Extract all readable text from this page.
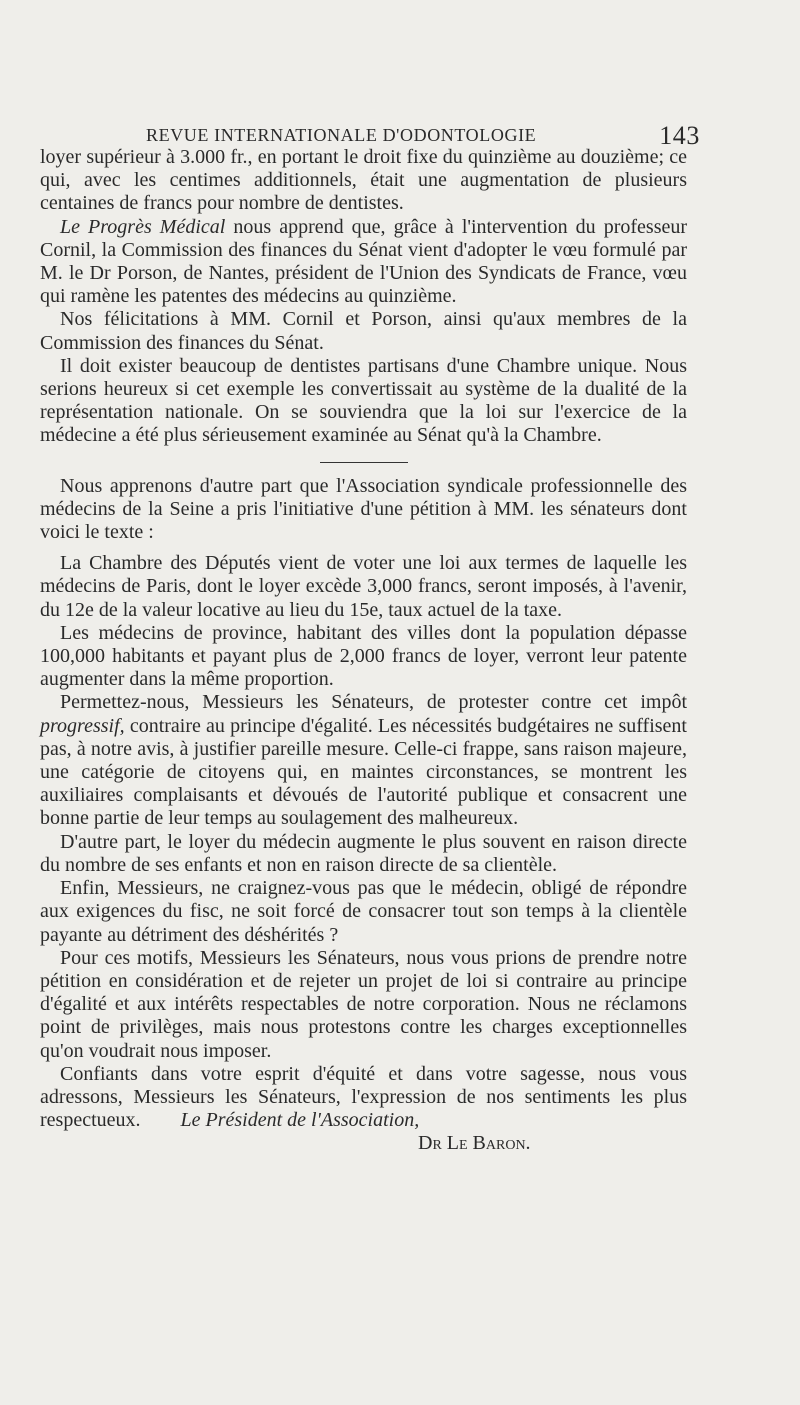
REVUE INTERNATIONALE D'ODONTOLOGIE	143

loyer supérieur à 3.000 fr., en portant le droit fixe du quinzième au douzième; ce qui, avec les centimes additionnels, était une augmentation de plusieurs centaines de francs pour nombre de dentistes.

Le Progrès Médical nous apprend que, grâce à l'intervention du professeur Cornil, la Commission des finances du Sénat vient d'adopter le vœu formulé par M. le Dr Porson, de Nantes, président de l'Union des Syndicats de France, vœu qui ramène les patentes des médecins au quinzième.

Nos félicitations à MM. Cornil et Porson, ainsi qu'aux membres de la Commission des finances du Sénat.

Il doit exister beaucoup de dentistes partisans d'une Chambre unique. Nous serions heureux si cet exemple les convertissait au système de la dualité de la représentation nationale. On se souviendra que la loi sur l'exercice de la médecine a été plus sérieusement examinée au Sénat qu'à la Chambre.

Nous apprenons d'autre part que l'Association syndicale professionnelle des médecins de la Seine a pris l'initiative d'une pétition à MM. les sénateurs dont voici le texte :

La Chambre des Députés vient de voter une loi aux termes de laquelle les médecins de Paris, dont le loyer excède 3,000 francs, seront imposés, à l'avenir, du 12e de la valeur locative au lieu du 15e, taux actuel de la taxe.

Les médecins de province, habitant des villes dont la population dépasse 100,000 habitants et payant plus de 2,000 francs de loyer, verront leur patente augmenter dans la même proportion.

Permettez-nous, Messieurs les Sénateurs, de protester contre cet impôt progressif, contraire au principe d'égalité. Les nécessités budgétaires ne suffisent pas, à notre avis, à justifier pareille mesure. Celle-ci frappe, sans raison majeure, une catégorie de citoyens qui, en maintes circonstances, se montrent les auxiliaires complaisants et dévoués de l'autorité publique et consacrent une bonne partie de leur temps au soulagement des malheureux.

D'autre part, le loyer du médecin augmente le plus souvent en raison directe du nombre de ses enfants et non en raison directe de sa clientèle.

Enfin, Messieurs, ne craignez-vous pas que le médecin, obligé de répondre aux exigences du fisc, ne soit forcé de consacrer tout son temps à la clientèle payante au détriment des déshérités ?

Pour ces motifs, Messieurs les Sénateurs, nous vous prions de prendre notre pétition en considération et de rejeter un projet de loi si contraire au principe d'égalité et aux intérêts respectables de notre corporation. Nous ne réclamons point de privilèges, mais nous protestons contre les charges exceptionnelles qu'on voudrait nous imposer.

Confiants dans votre esprit d'équité et dans votre sagesse, nous vous adressons, Messieurs les Sénateurs, l'expression de nos sentiments les plus respectueux. Le Président de l'Association,

Dr Le Baron.
